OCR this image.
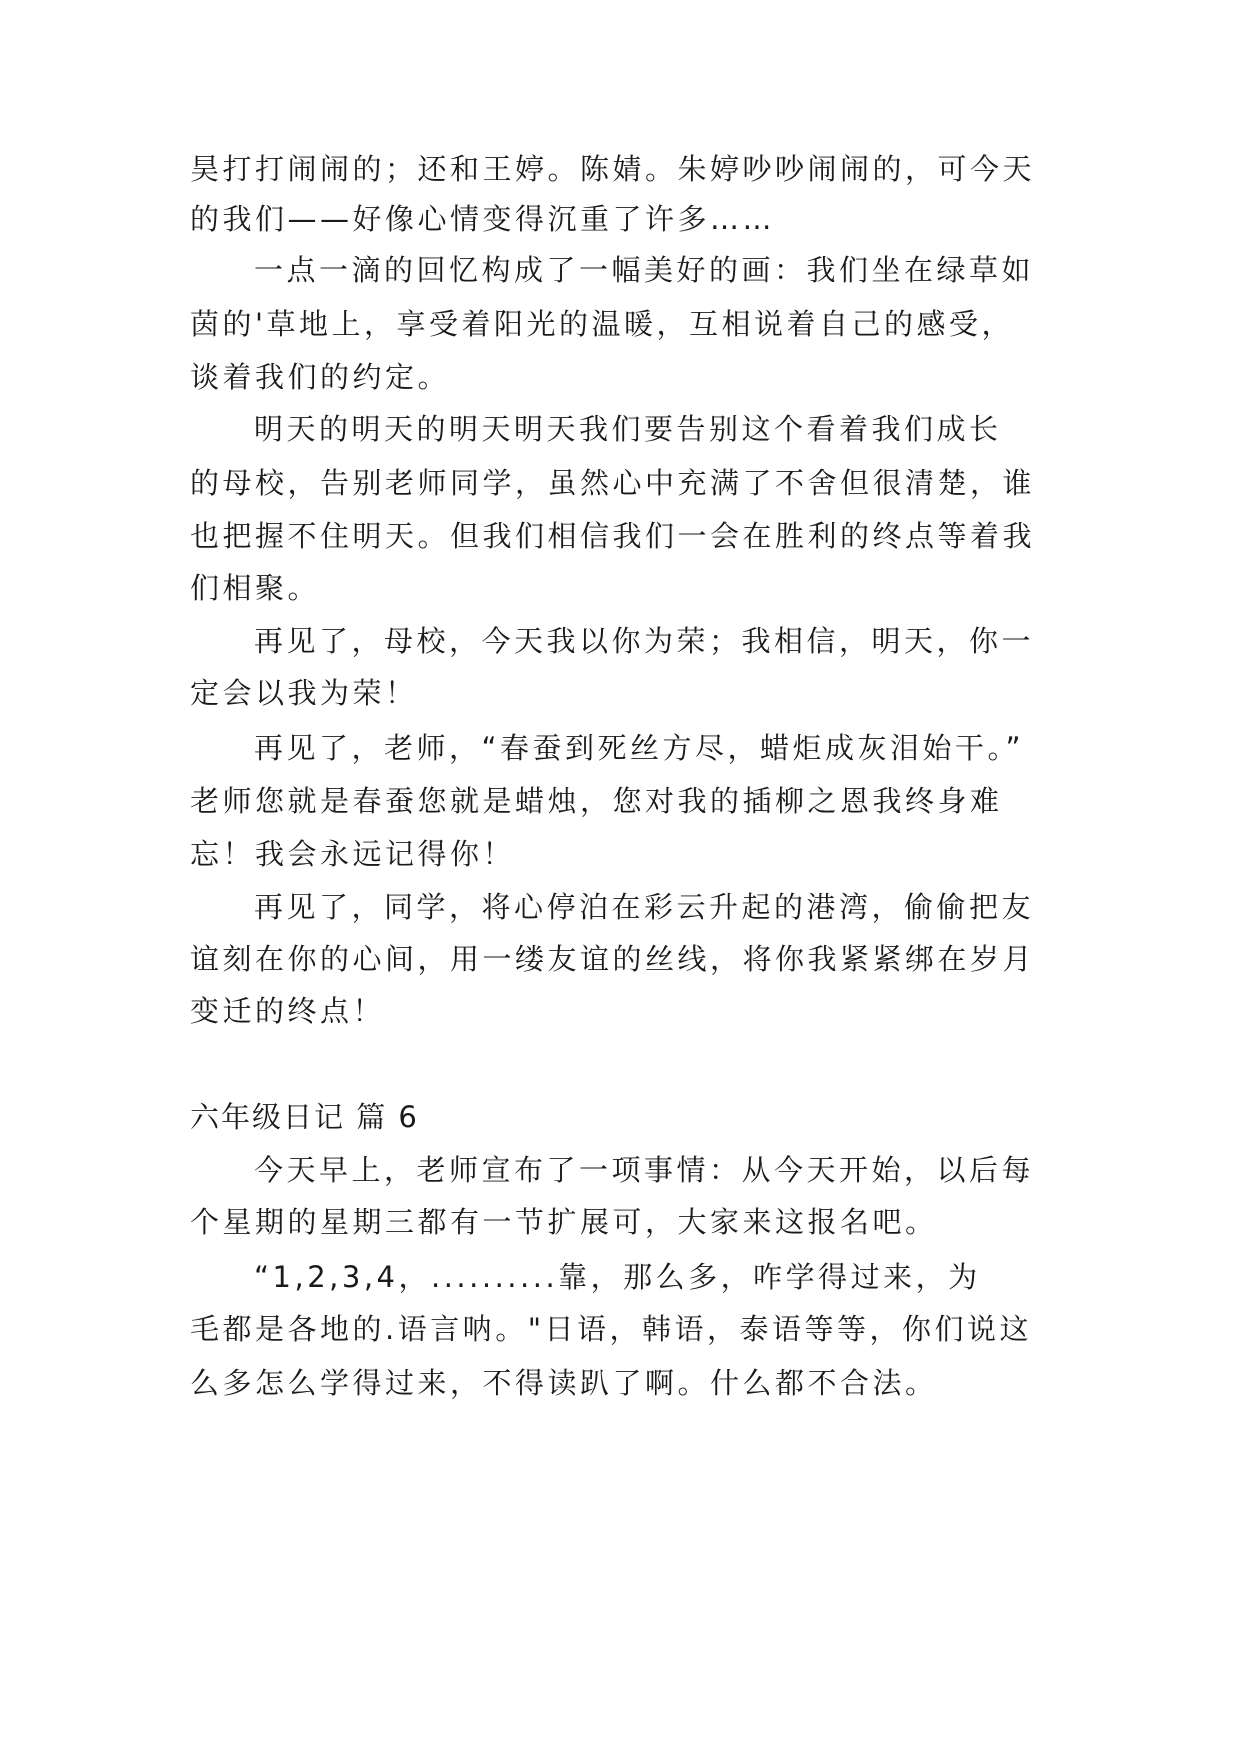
昊打打闹闹的；还和王婷。陈婧。朱婷吵吵闹闹的，可今天
的我们——好像心情变得沉重了许多……
一点一滴的回忆构成了一幅美好的画：我们坐在绿草如
茵的'草地上，享受着阳光的温暖，互相说着自己的感受，
谈着我们的约定。
明天的明天的明天明天我们要告别这个看着我们成长
的母校，告别老师同学，虽然心中充满了不舍但很清楚，谁
也把握不住明天。但我们相信我们一会在胜利的终点等着我
们相聚。
再见了，母校，今天我以你为荣；我相信，明天，你一
定会以我为荣！
再见了，老师，“春蚕到死丝方尽，蜡炬成灰泪始干。”
老师您就是春蚕您就是蜡烛，您对我的插柳之恩我终身难
忘！我会永远记得你！
再见了，同学，将心停泊在彩云升起的港湾，偷偷把友
谊刻在你的心间，用一缕友谊的丝线，将你我紧紧绑在岁月
变迁的终点！
六年级日记 篇 6
今天早上，老师宣布了一项事情：从今天开始，以后每
个星期的星期三都有一节扩展可，大家来这报名吧。
“1,2,3,4，..........靠，那么多，咋学得过来，为
毛都是各地的.语言呐。"日语，韩语，泰语等等，你们说这
么多怎么学得过来，不得读趴了啊。什么都不合法。
